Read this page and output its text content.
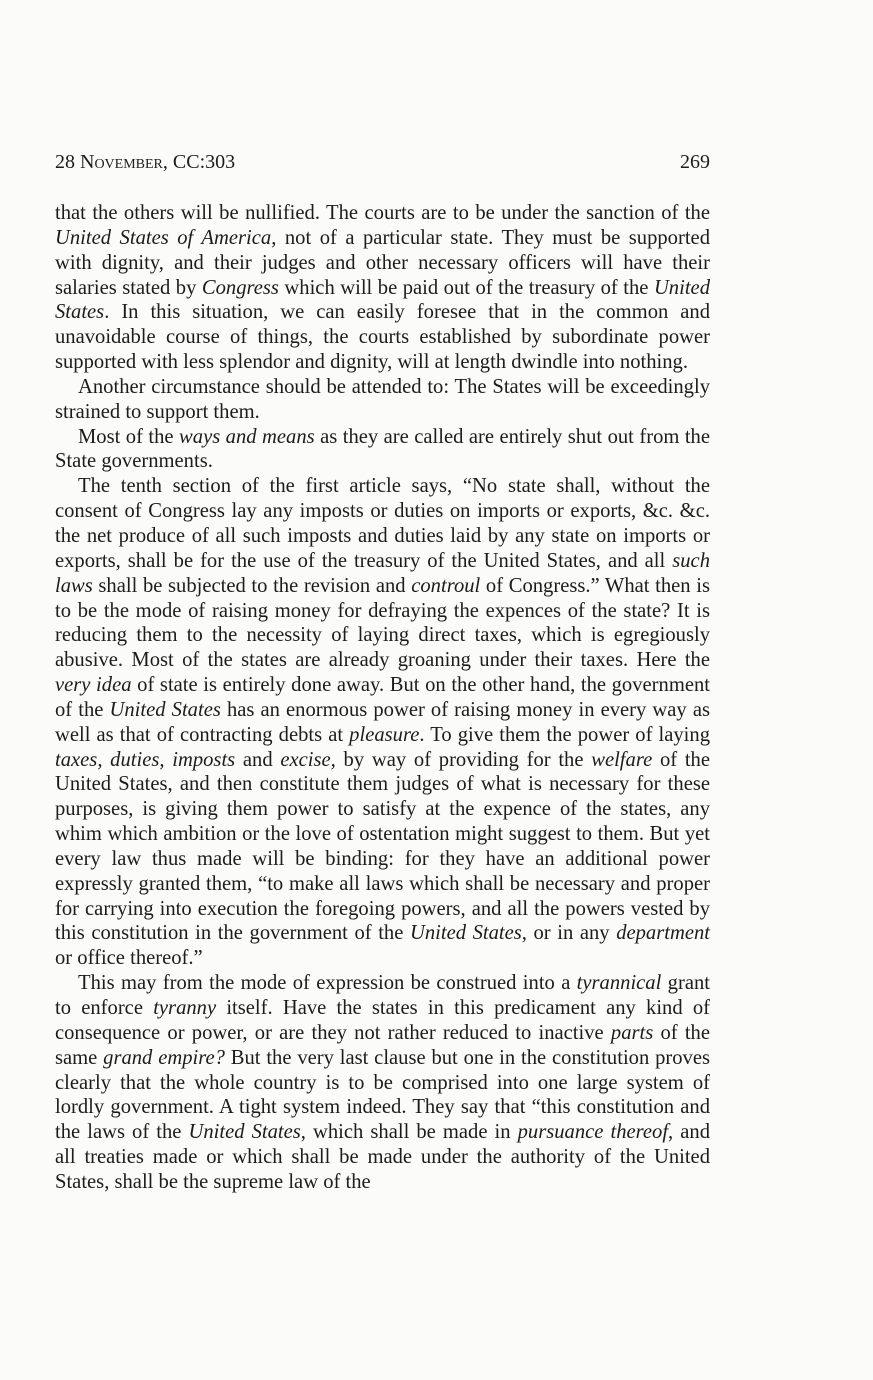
28 November, CC:303	269

that the others will be nullified. The courts are to be under the sanction of the United States of America, not of a particular state. They must be supported with dignity, and their judges and other necessary officers will have their salaries stated by Congress which will be paid out of the treasury of the United States. In this situation, we can easily foresee that in the common and unavoidable course of things, the courts established by subordinate power supported with less splendor and dignity, will at length dwindle into nothing.

Another circumstance should be attended to: The States will be exceedingly strained to support them.

Most of the ways and means as they are called are entirely shut out from the State governments.

The tenth section of the first article says, “No state shall, without the consent of Congress lay any imposts or duties on imports or exports, &c. &c. the net produce of all such imposts and duties laid by any state on imports or exports, shall be for the use of the treasury of the United States, and all such laws shall be subjected to the revision and controul of Congress.” What then is to be the mode of raising money for defraying the expences of the state? It is reducing them to the necessity of laying direct taxes, which is egregiously abusive. Most of the states are already groaning under their taxes. Here the very idea of state is entirely done away. But on the other hand, the government of the United States has an enormous power of raising money in every way as well as that of contracting debts at pleasure. To give them the power of laying taxes, duties, imposts and excise, by way of providing for the welfare of the United States, and then constitute them judges of what is necessary for these purposes, is giving them power to satisfy at the expence of the states, any whim which ambition or the love of ostentation might suggest to them. But yet every law thus made will be binding: for they have an additional power expressly granted them, “to make all laws which shall be necessary and proper for carrying into execution the foregoing powers, and all the powers vested by this constitution in the government of the United States, or in any department or office thereof.”

This may from the mode of expression be construed into a tyrannical grant to enforce tyranny itself. Have the states in this predicament any kind of consequence or power, or are they not rather reduced to inactive parts of the same grand empire? But the very last clause but one in the constitution proves clearly that the whole country is to be comprised into one large system of lordly government. A tight system indeed. They say that “this constitution and the laws of the United States, which shall be made in pursuance thereof, and all treaties made or which shall be made under the authority of the United States, shall be the supreme law of the
